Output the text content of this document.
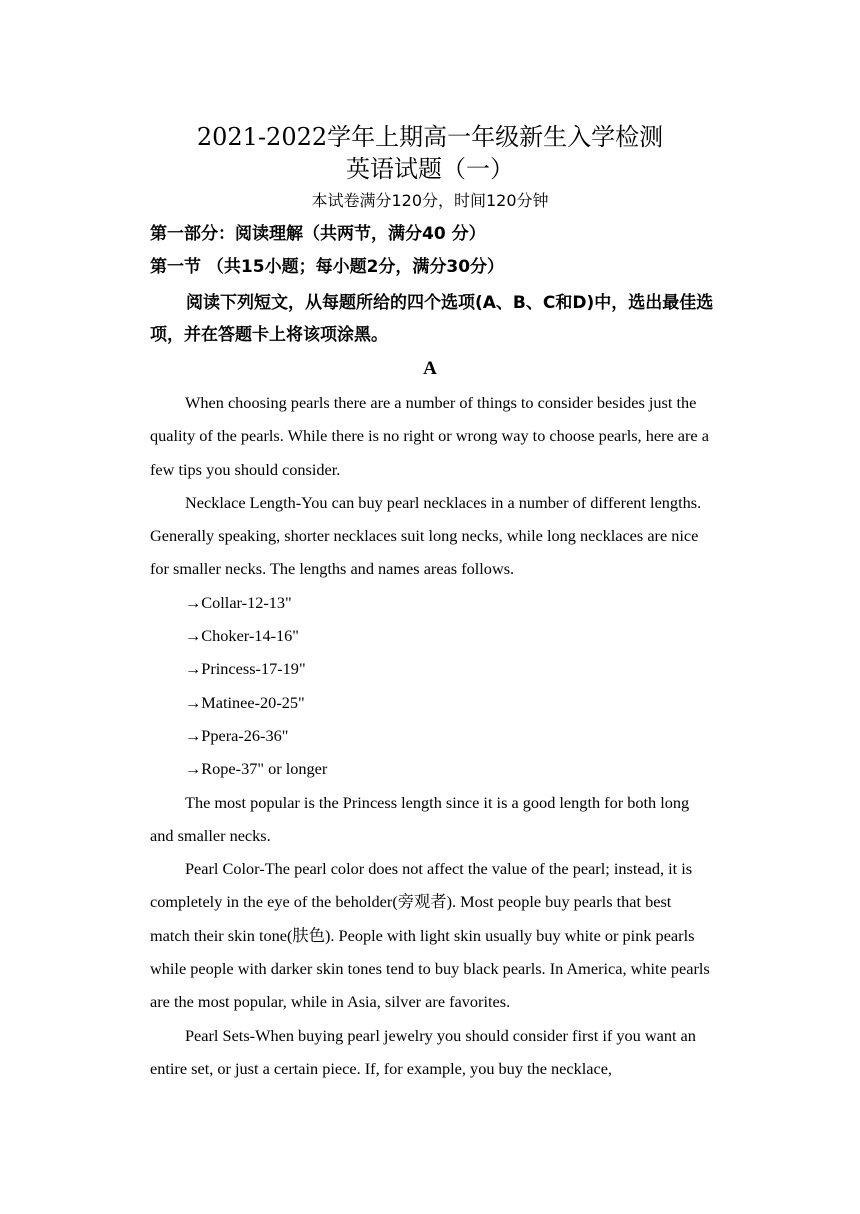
2021-2022学年上期高一年级新生入学检测
英语试题（一）
本试卷满分120分，时间120分钟
第一部分：阅读理解（共两节，满分40 分）
第一节 （共15小题；每小题2分，满分30分）
阅读下列短文，从每题所给的四个选项(A、B、C和D)中，选出最佳选项，并在答题卡上将该项涂黑。
A

When choosing pearls there are a number of things to consider besides just the quality of the pearls. While there is no right or wrong way to choose pearls, here are a few tips you should consider.

Necklace Length-You can buy pearl necklaces in a number of different lengths. Generally speaking, shorter necklaces suit long necks, while long necklaces are nice for smaller necks. The lengths and names areas follows.

→Collar-12-13"
→Choker-14-16"
→Princess-17-19"
→Matinee-20-25"
→Ppera-26-36"
→Rope-37" or longer

The most popular is the Princess length since it is a good length for both long and smaller necks.

Pearl Color-The pearl color does not affect the value of the pearl; instead, it is completely in the eye of the beholder(旁观者). Most people buy pearls that best match their skin tone(肤色). People with light skin usually buy white or pink pearls while people with darker skin tones tend to buy black pearls. In America, white pearls are the most popular, while in Asia, silver are favorites.

Pearl Sets-When buying pearl jewelry you should consider first if you want an entire set, or just a certain piece. If, for example, you buy the necklace,
